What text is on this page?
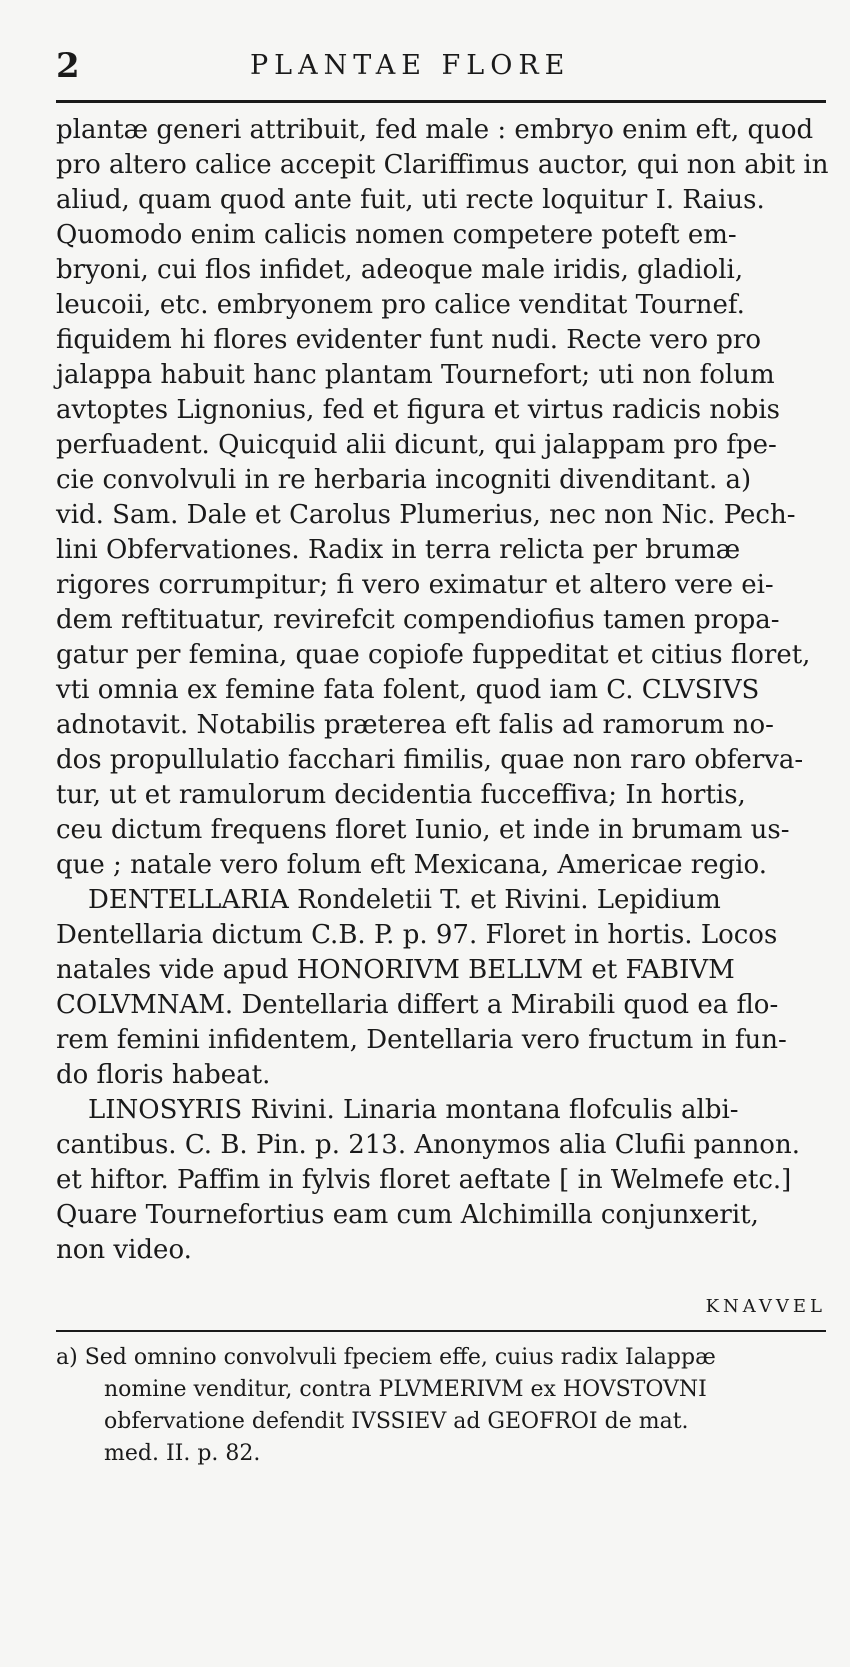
2	PLANTAE FLORE
plantæ generi attribuit, fed male : embryo enim eft, quod
pro altero calice accepit Clariffimus auctor, qui non abit in
aliud, quam quod ante fuit, uti recte loquitur I. Raius.
Quomodo enim calicis nomen competere poteft em-
bryoni, cui flos infidet, adeoque male iridis, gladioli,
leucoii, etc. embryonem pro calice venditat Tournef.
fiquidem hi flores evidenter funt nudi. Recte vero pro
jalappa habuit hanc plantam Tournefort; uti non folum
avtoptes Lignonius, fed et figura et virtus radicis nobis
perfuadent. Quicquid alii dicunt, qui jalappam pro fpe-
cie convolvuli in re herbaria incogniti divenditant. a)
vid. Sam. Dale et Carolus Plumerius, nec non Nic. Pech-
lini Obfervationes. Radix in terra relicta per brumæ
rigores corrumpitur; fi vero eximatur et altero vere ei-
dem reftituatur, revirefcit compendiofius tamen propa-
gatur per femina, quae copiofe fuppeditat et citius floret,
vti omnia ex femine fata folent, quod iam C. CLVSIVS
adnotavit. Notabilis præterea eft falis ad ramorum no-
dos propullulatio facchari fimilis, quae non raro obferva-
tur, ut et ramulorum decidentia fucceffiva; In hortis,
ceu dictum frequens floret Iunio, et inde in brumam us-
que ; natale vero folum eft Mexicana, Americae regio.
DENTELLARIA Rondeletii T. et Rivini. Lepidium
Dentellaria dictum C.B. P. p. 97. Floret in hortis. Locos
natales vide apud HONORIVM BELLVM et FABIVM
COLVMNAM. Dentellaria differt a Mirabili quod ea flo-
rem femini infidentem, Dentellaria vero fructum in fun-
do floris habeat.
LINOSYRIS Rivini. Linaria montana flofculis albi-
cantibus. C. B. Pin. p. 213. Anonymos alia Clufii pannon.
et hiftor. Paffim in fylvis floret aeftate [ in Welmefe etc.]
Quare Tournefortius eam cum Alchimilla conjunxerit,
non video.
KNAVVEL
a) Sed omnino convolvuli fpeciem effe, cuius radix Ialappæ
nomine venditur, contra PLVMERIVM ex HOVSTOVNI
obfervatione defendit IVSSIEV ad GEOFROI de mat.
med. II. p. 82.
